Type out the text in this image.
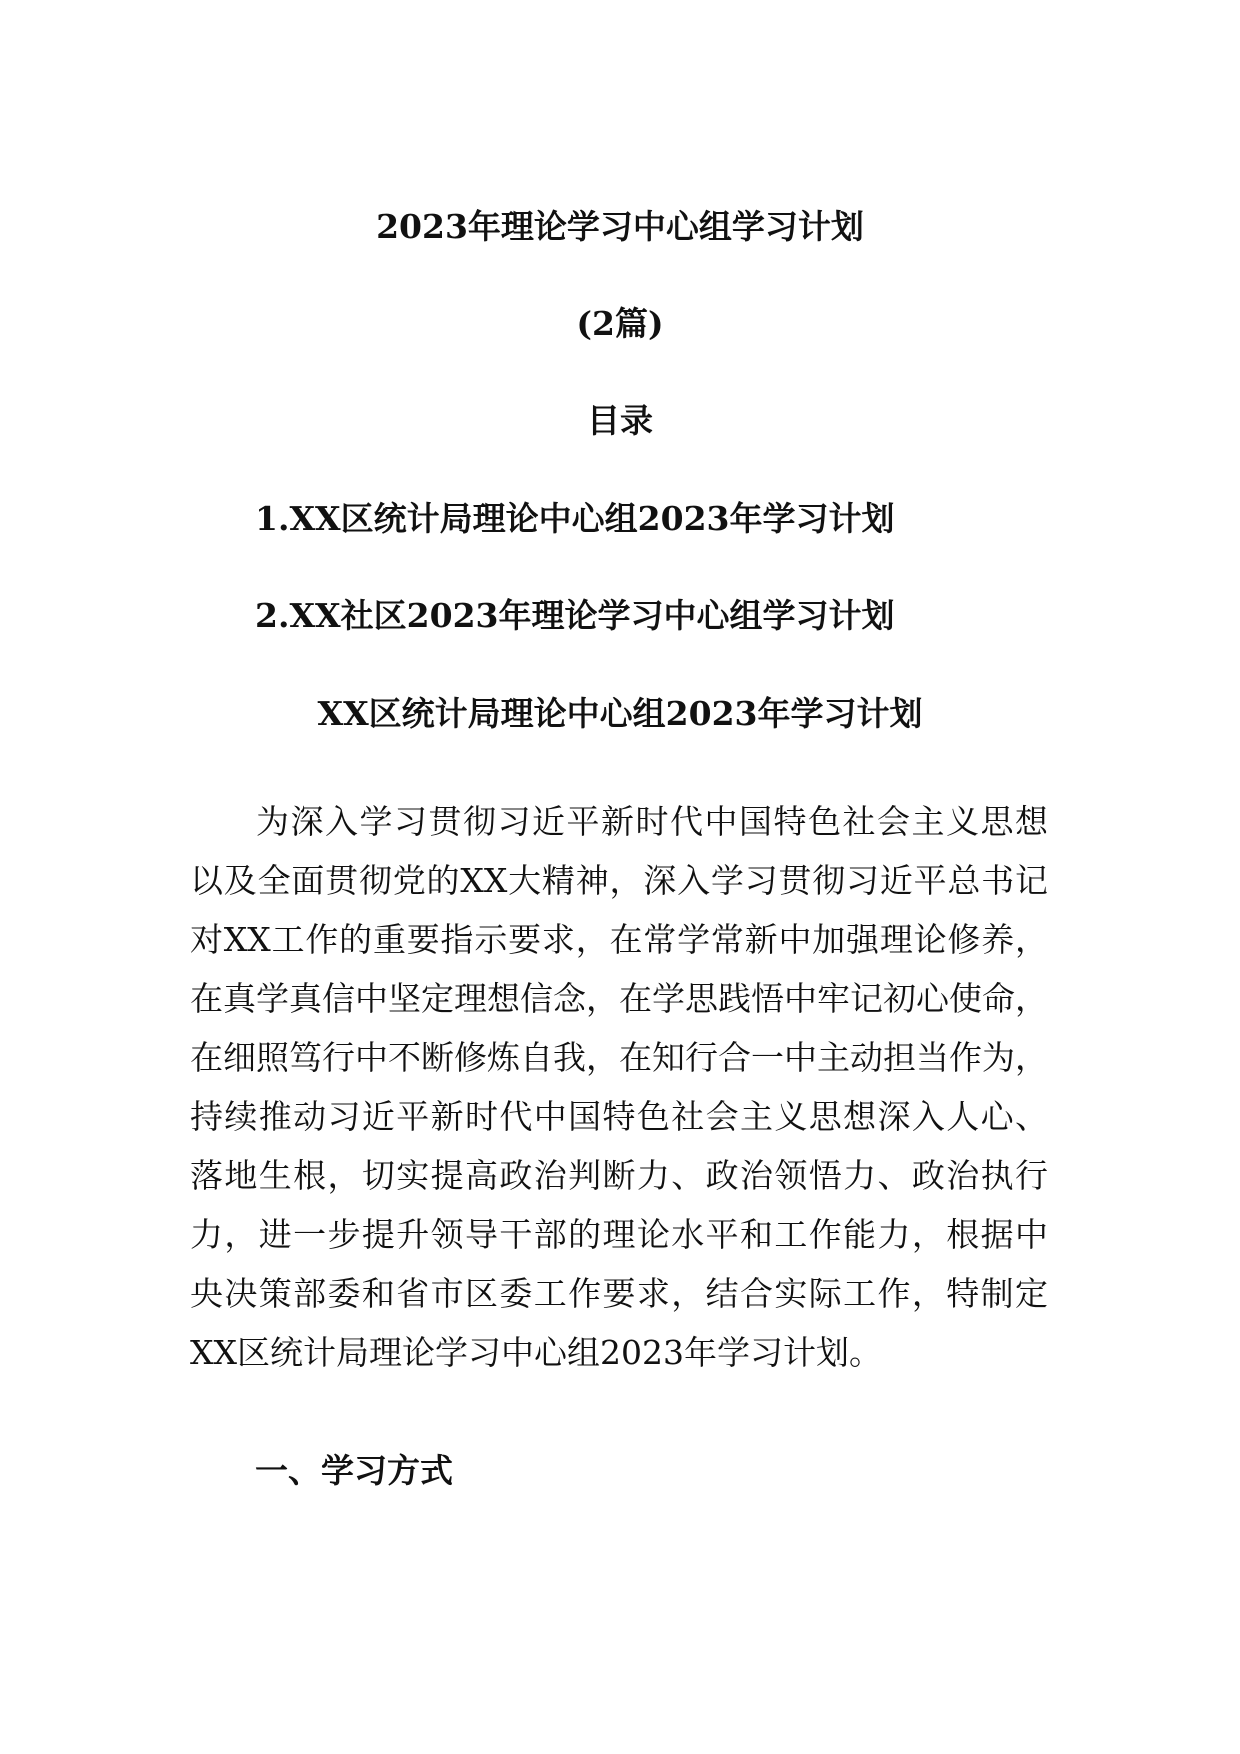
2023年理论学习中心组学习计划
(2篇)
目录
1.XX区统计局理论中心组2023年学习计划
2.XX社区2023年理论学习中心组学习计划
XX区统计局理论中心组2023年学习计划
为深入学习贯彻习近平新时代中国特色社会主义思想
以及全面贯彻党的XX大精神，深入学习贯彻习近平总书记
对XX工作的重要指示要求，在常学常新中加强理论修养，
在真学真信中坚定理想信念，在学思践悟中牢记初心使命，
在细照笃行中不断修炼自我，在知行合一中主动担当作为，
持续推动习近平新时代中国特色社会主义思想深入人心、
落地生根，切实提高政治判断力、政治领悟力、政治执行
力，进一步提升领导干部的理论水平和工作能力，根据中
央决策部委和省市区委工作要求，结合实际工作，特制定
XX区统计局理论学习中心组2023年学习计划。
一、学习方式
